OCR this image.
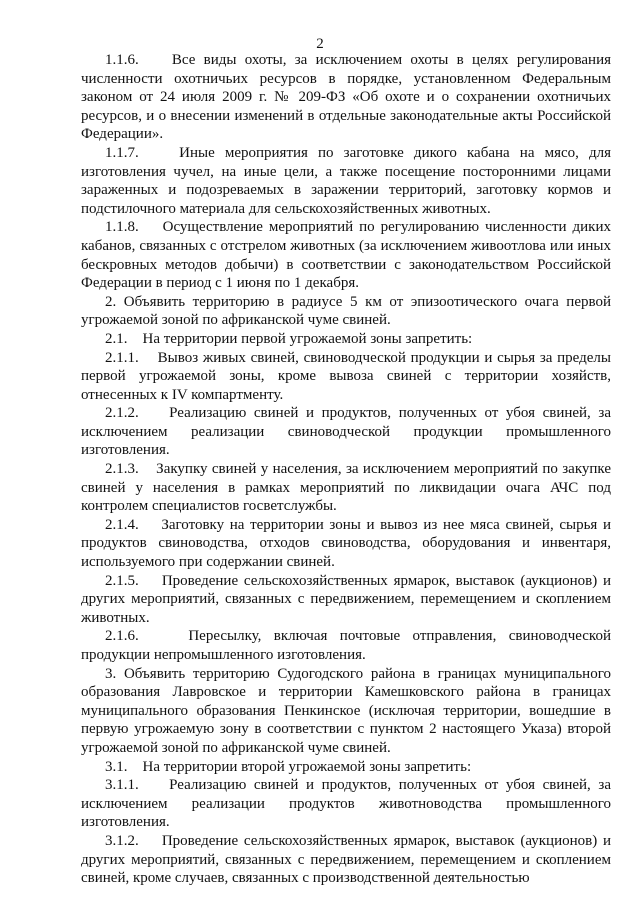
2

1.1.6.    Все виды охоты, за исключением охоты в целях регулирования численности охотничьих ресурсов в порядке, установленном Федеральным законом от 24 июля 2009 г. № 209-ФЗ «Об охоте и о сохранении охотничьих ресурсов, и о внесении изменений в отдельные законодательные акты Российской Федерации».

1.1.7.    Иные мероприятия по заготовке дикого кабана на мясо, для изготовления чучел, на иные цели, а также посещение посторонними лицами зараженных и подозреваемых в заражении территорий, заготовку кормов и подстилочного материала для сельскохозяйственных животных.

1.1.8.    Осуществление мероприятий по регулированию численности диких кабанов, связанных с отстрелом животных (за исключением живоотлова или иных бескровных методов добычи) в соответствии с законодательством Российской Федерации в период с 1 июня по 1 декабря.

2. Объявить территорию в радиусе 5 км от эпизоотического очага первой угрожаемой зоной по африканской чуме свиней.

2.1.    На территории первой угрожаемой зоны запретить:

2.1.1.    Вывоз живых свиней, свиноводческой продукции и сырья за пределы первой угрожаемой зоны, кроме вывоза свиней с территории хозяйств, отнесенных к IV компартменту.

2.1.2.    Реализацию свиней и продуктов, полученных от убоя свиней, за исключением реализации свиноводческой продукции промышленного изготовления.

2.1.3.    Закупку свиней у населения, за исключением мероприятий по закупке свиней у населения в рамках мероприятий по ликвидации очага АЧС под контролем специалистов госветслужбы.

2.1.4.    Заготовку на территории зоны и вывоз из нее мяса свиней, сырья и продуктов свиноводства, отходов свиноводства, оборудования и инвентаря, используемого при содержании свиней.

2.1.5.    Проведение сельскохозяйственных ярмарок, выставок (аукционов) и других мероприятий, связанных с передвижением, перемещением и скоплением животных.

2.1.6.    Пересылку, включая почтовые отправления, свиноводческой продукции непромышленного изготовления.

3. Объявить территорию Судогодского района в границах муниципального образования Лавровское и территории Камешковского района в границах муниципального образования Пенкинское (исключая территории, вошедшие в первую угрожаемую зону в соответствии с пунктом 2 настоящего Указа) второй угрожаемой зоной по африканской чуме свиней.

3.1.    На территории второй угрожаемой зоны запретить:

3.1.1.    Реализацию свиней и продуктов, полученных от убоя свиней, за исключением реализации продуктов животноводства промышленного изготовления.

3.1.2.    Проведение сельскохозяйственных ярмарок, выставок (аукционов) и других мероприятий, связанных с передвижением, перемещением и скоплением свиней, кроме случаев, связанных с производственной деятельностью
